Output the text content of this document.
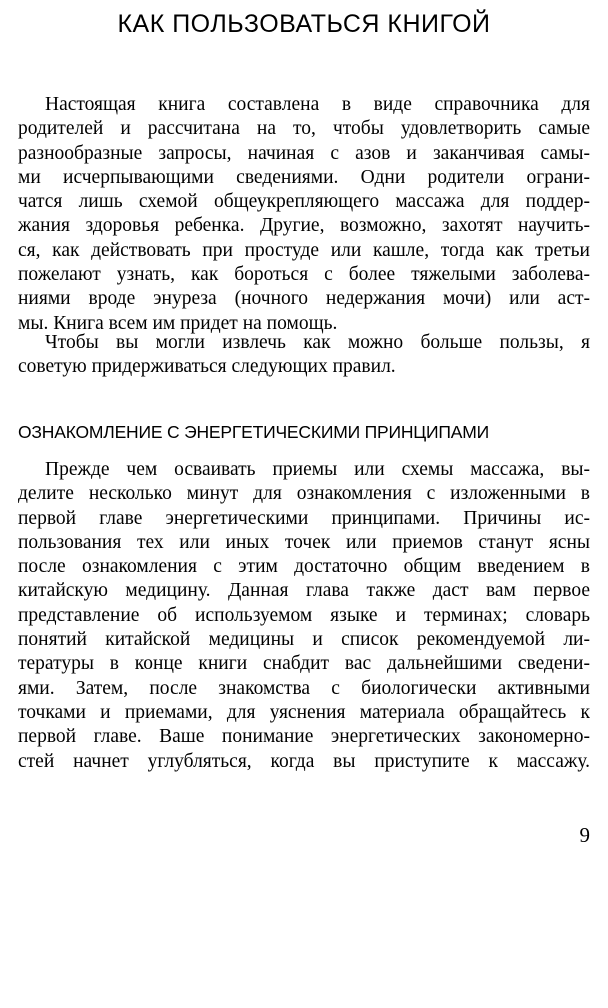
КАК ПОЛЬЗОВАТЬСЯ КНИГОЙ
Настоящая книга составлена в виде справочника для
родителей и рассчитана на то, чтобы удовлетворить самые
разнообразные запросы, начиная с азов и заканчивая самы-
ми исчерпывающими сведениями. Одни родители ограни-
чатся лишь схемой общеукрепляющего массажа для поддер-
жания здоровья ребенка. Другие, возможно, захотят научить-
ся, как действовать при простуде или кашле, тогда как третьи
пожелают узнать, как бороться с более тяжелыми заболева-
ниями вроде энуреза (ночного недержания мочи) или аст-
мы. Книга всем им придет на помощь.
Чтобы вы могли извлечь как можно больше пользы, я
советую придерживаться следующих правил.
ОЗНАКОМЛЕНИЕ С ЭНЕРГЕТИЧЕСКИМИ ПРИНЦИПАМИ
Прежде чем осваивать приемы или схемы массажа, вы-
делите несколько минут для ознакомления с изложенными в
первой главе энергетическими принципами. Причины ис-
пользования тех или иных точек или приемов станут ясны
после ознакомления с этим достаточно общим введением в
китайскую медицину. Данная глава также даст вам первое
представление об используемом языке и терминах; словарь
понятий китайской медицины и список рекомендуемой ли-
тературы в конце книги снабдит вас дальнейшими сведени-
ями. Затем, после знакомства с биологически активными
точками и приемами, для уяснения материала обращайтесь к
первой главе. Ваше понимание энергетических закономерно-
стей начнет углубляться, когда вы приступите к массажу.
9
